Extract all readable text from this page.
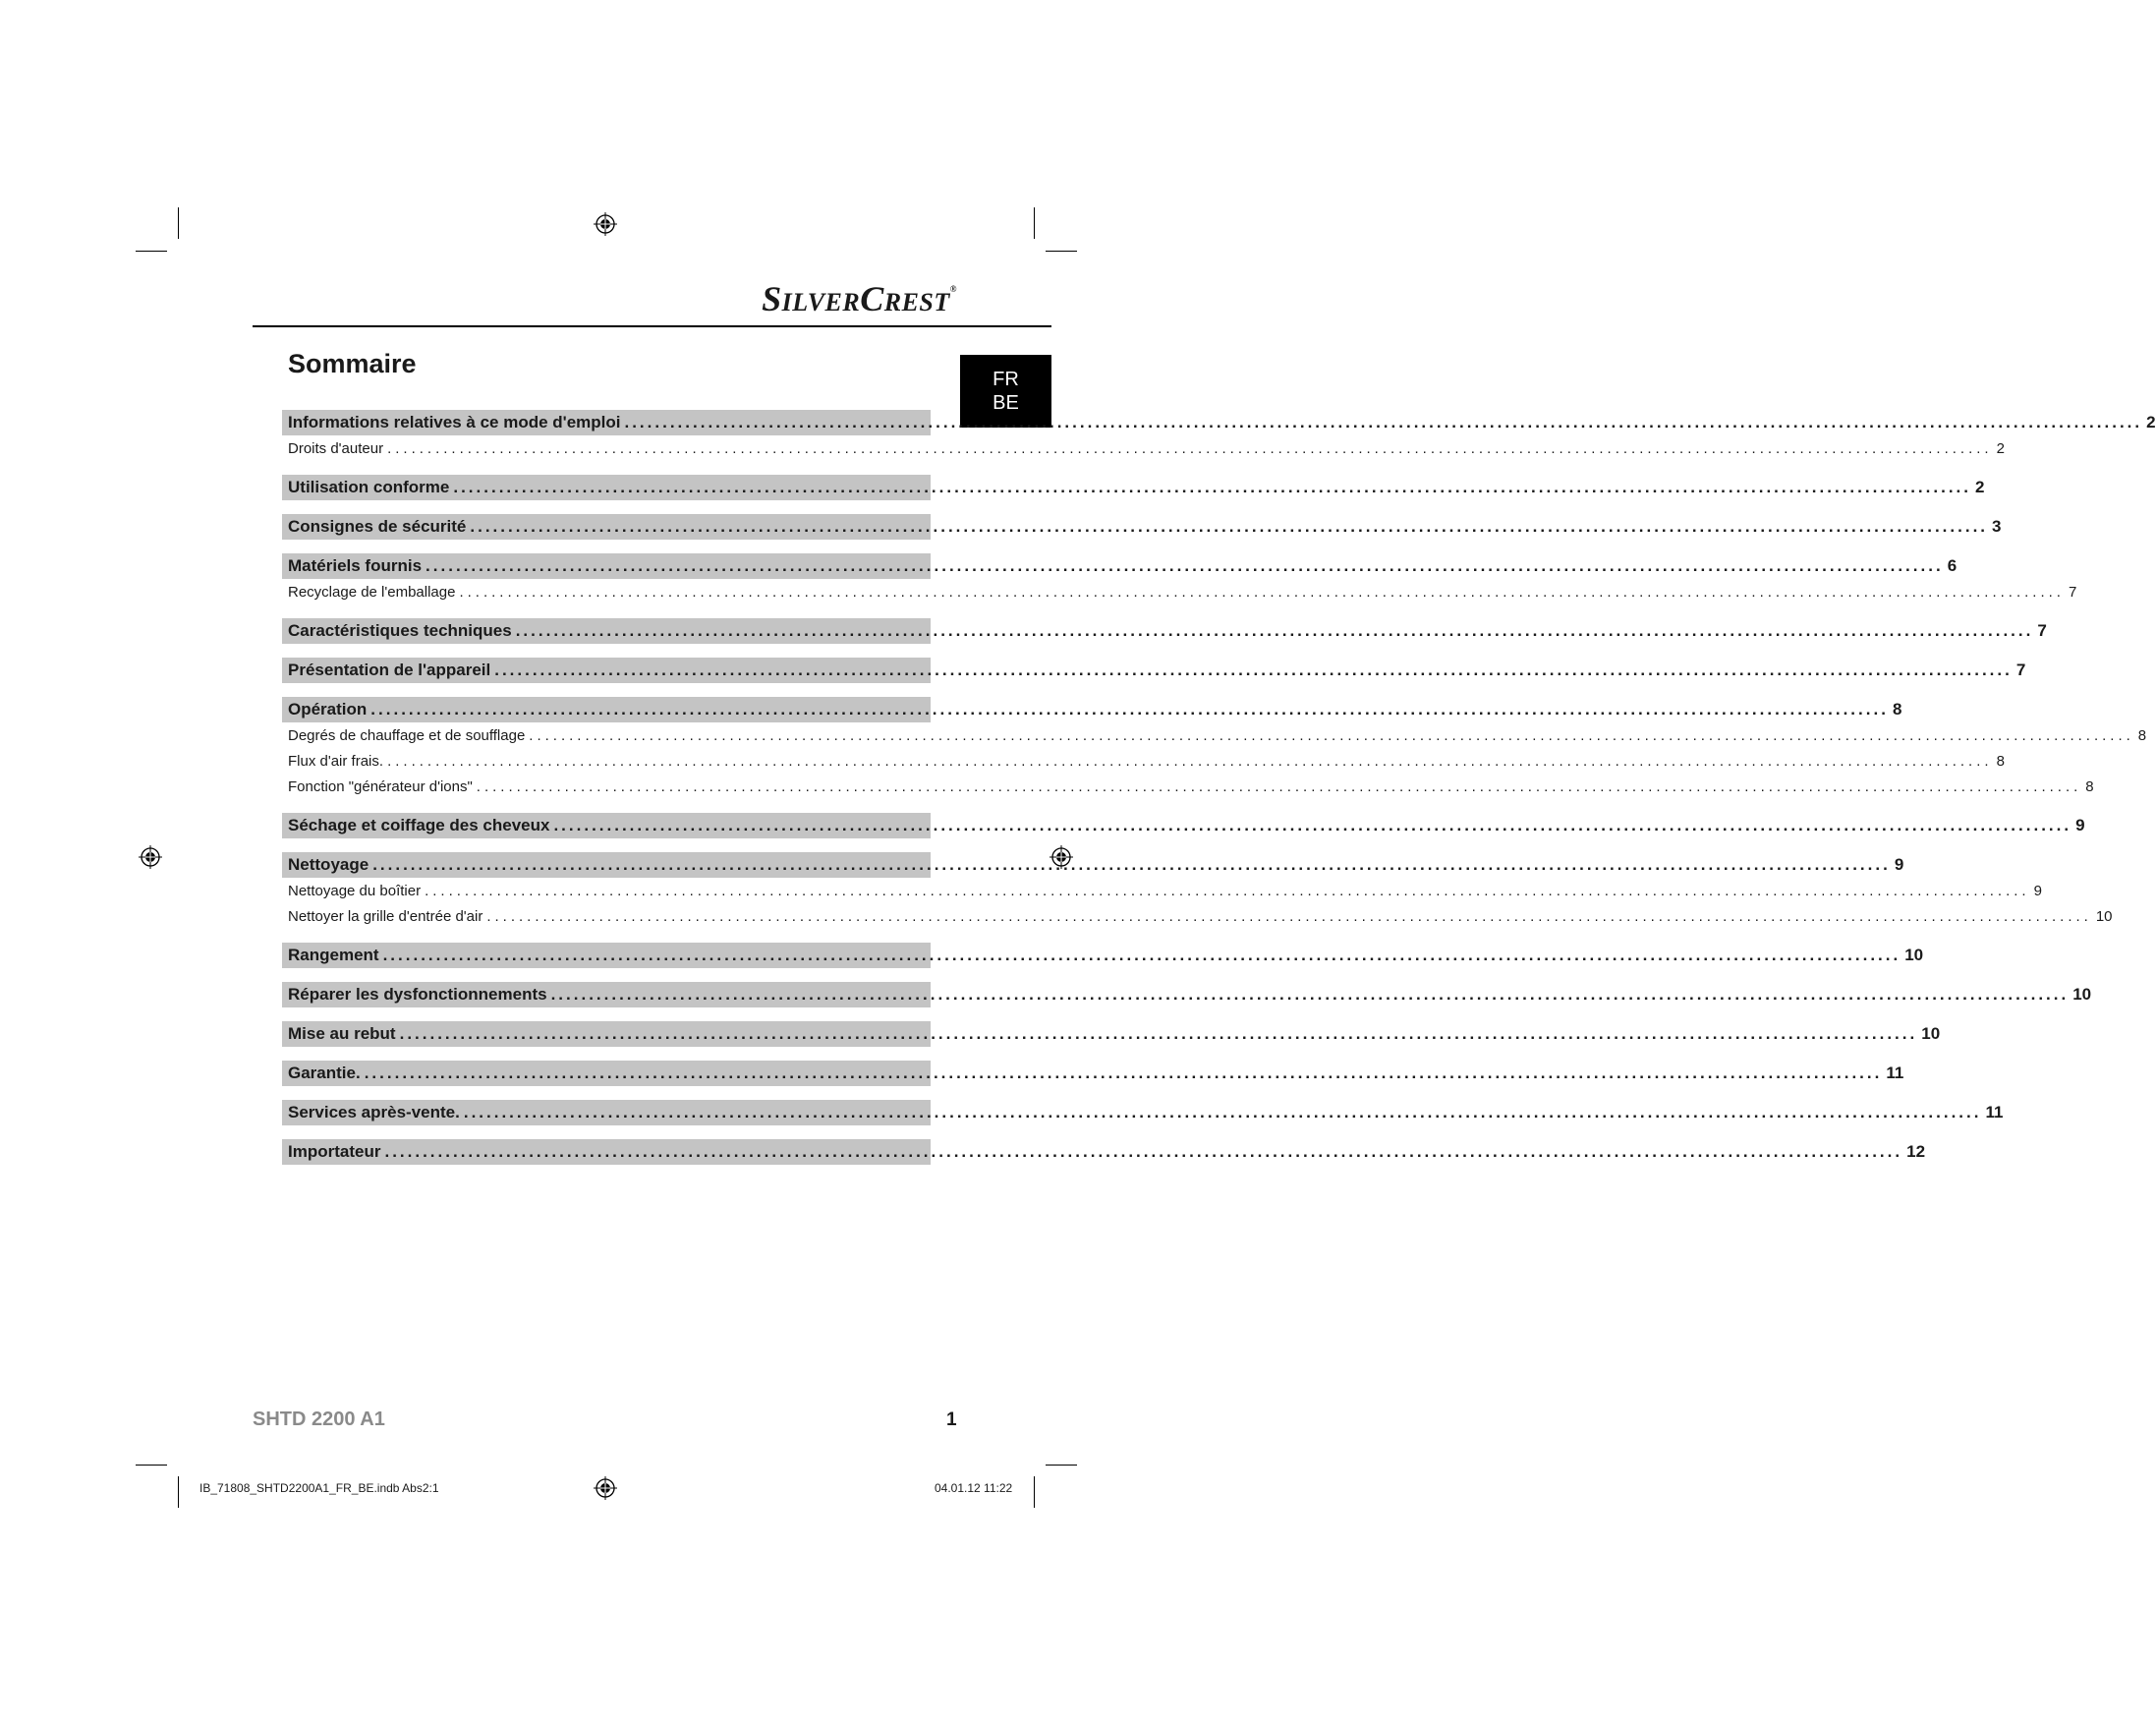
SILVERCREST®
Sommaire
FR
BE
Informations relatives à ce mode d'emploi ........................................................................................................................................................................................................ 2
Droits d'auteur ........................................................................................................................................................................................................ 2
Utilisation conforme ........................................................................................................................................................................................................ 2
Consignes de sécurité ........................................................................................................................................................................................................ 3
Matériels fournis ........................................................................................................................................................................................................ 6
Recyclage de l'emballage ........................................................................................................................................................................................................ 7
Caractéristiques techniques ........................................................................................................................................................................................................ 7
Présentation de l'appareil ........................................................................................................................................................................................................ 7
Opération ........................................................................................................................................................................................................ 8
Degrés de chauffage et de soufflage ........................................................................................................................................................................................................ 8
Flux d'air frais. ........................................................................................................................................................................................................ 8
Fonction "générateur d'ions" ........................................................................................................................................................................................................ 8
Séchage et coiffage des cheveux ........................................................................................................................................................................................................ 9
Nettoyage ........................................................................................................................................................................................................ 9
Nettoyage du boîtier ........................................................................................................................................................................................................ 9
Nettoyer la grille d'entrée d'air ........................................................................................................................................................................................................ 10
Rangement ........................................................................................................................................................................................................ 10
Réparer les dysfonctionnements ........................................................................................................................................................................................................ 10
Mise au rebut ........................................................................................................................................................................................................ 10
Garantie. ........................................................................................................................................................................................................ 11
Services après-vente. ........................................................................................................................................................................................................ 11
Importateur ........................................................................................................................................................................................................ 12
SHTD 2200 A1	1
IB_71808_SHTD2200A1_FR_BE.indb Abs2:1	04.01.12 11:22
